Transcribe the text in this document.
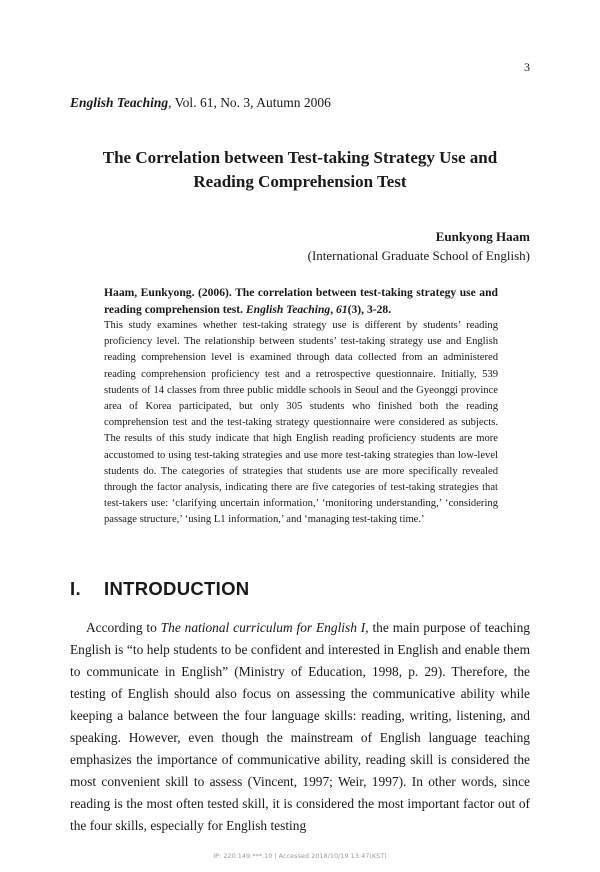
3
English Teaching, Vol. 61, No. 3, Autumn 2006
The Correlation between Test-taking Strategy Use and
Reading Comprehension Test
Eunkyong Haam
(International Graduate School of English)
Haam, Eunkyong. (2006). The correlation between test-taking strategy use and reading comprehension test. English Teaching, 61(3), 3-28.

This study examines whether test-taking strategy use is different by students’ reading proficiency level. The relationship between students’ test-taking strategy use and English reading comprehension level is examined through data collected from an administered reading comprehension proficiency test and a retrospective questionnaire. Initially, 539 students of 14 classes from three public middle schools in Seoul and the Gyeonggi province area of Korea participated, but only 305 students who finished both the reading comprehension test and the test-taking strategy questionnaire were considered as subjects. The results of this study indicate that high English reading proficiency students are more accustomed to using test-taking strategies and use more test-taking strategies than low-level students do. The categories of strategies that students use are more specifically revealed through the factor analysis, indicating there are five categories of test-taking strategies that test-takers use: ‘clarifying uncertain information,’ ‘monitoring understanding,’ ‘considering passage structure,’ ‘using L1 information,’ and ‘managing test-taking time.’

I. INTRODUCTION

According to The national curriculum for English I, the main purpose of teaching English is “to help students to be confident and interested in English and enable them to communicate in English” (Ministry of Education, 1998, p. 29). Therefore, the testing of English should also focus on assessing the communicative ability while keeping a balance between the four language skills: reading, writing, listening, and speaking. However, even though the mainstream of English language teaching emphasizes the importance of communicative ability, reading skill is considered the most convenient skill to assess (Vincent, 1997; Weir, 1997). In other words, since reading is the most often tested skill, it is considered the most important factor out of the four skills, especially for English testing

IP: 220.149.***.10 | Accessed 2018/10/19 13:47(KST)
